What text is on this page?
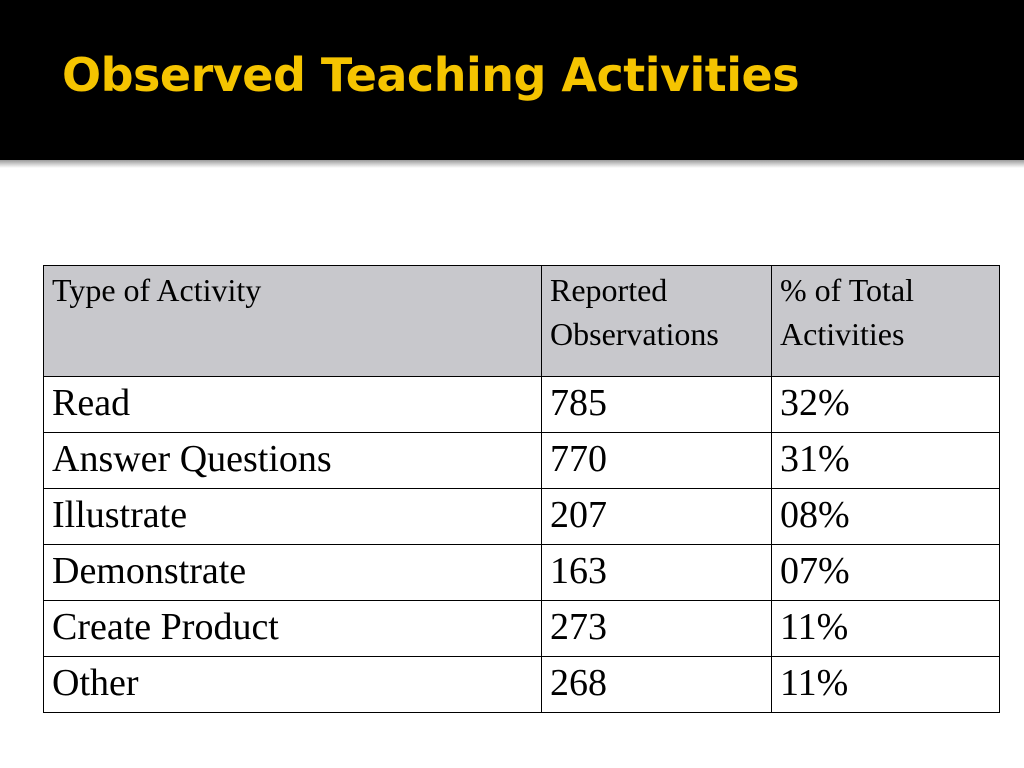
Observed Teaching Activities
Type of Activity	Reported Observations	% of Total Activities
Read	785	32%
Answer Questions	770	31%
Illustrate	207	08%
Demonstrate	163	07%
Create Product	273	11%
Other	268	11%
